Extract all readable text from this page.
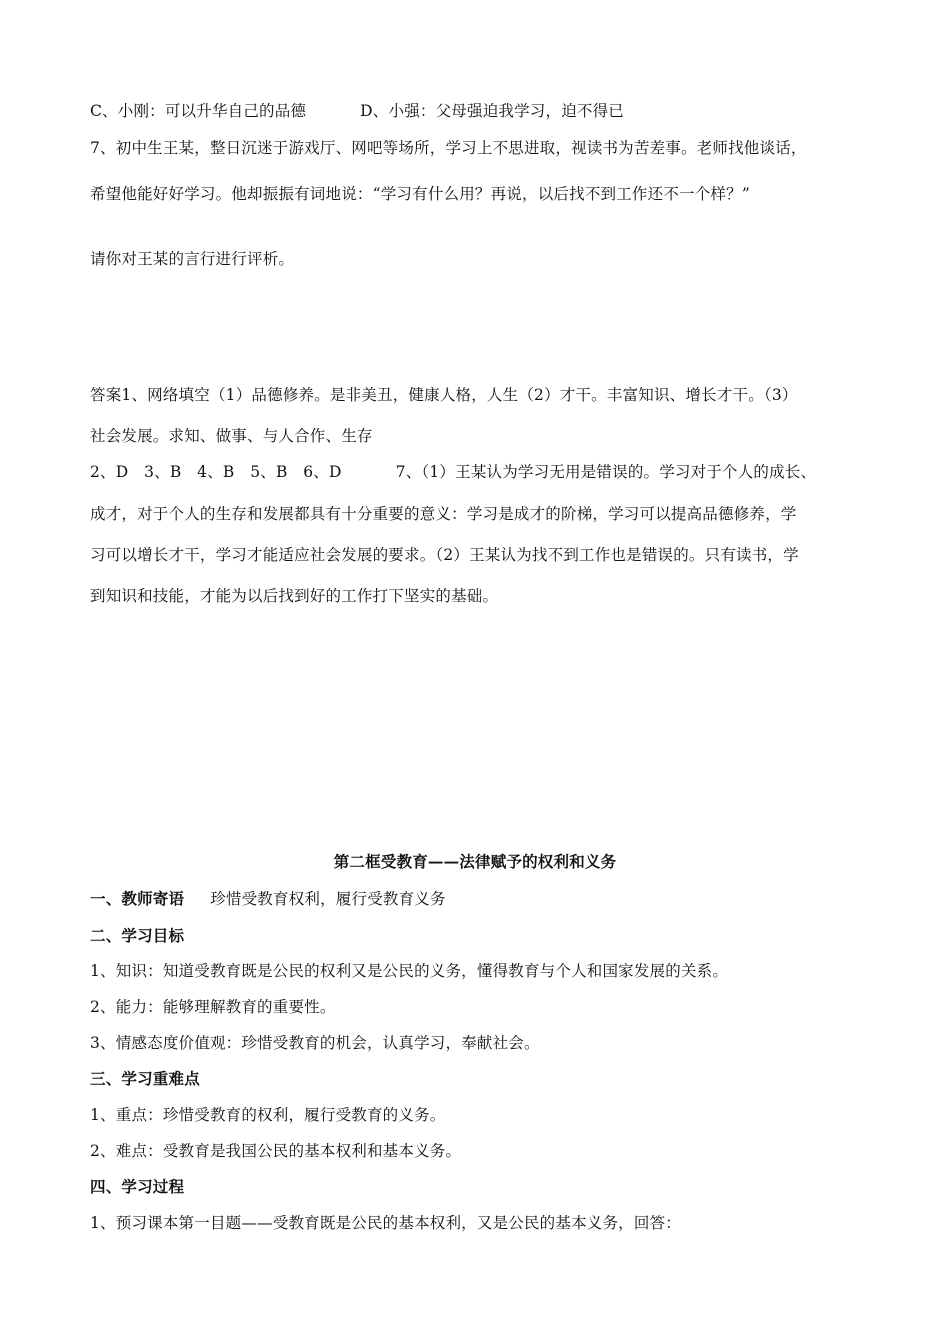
C、小刚：可以升华自己的品德	D、小强：父母强迫我学习，迫不得已
7、初中生王某，整日沉迷于游戏厅、网吧等场所，学习上不思进取，视读书为苦差事。老师找他谈话，
希望他能好好学习。他却振振有词地说：“学习有什么用？再说，以后找不到工作还不一个样？”
请你对王某的言行进行评析。
答案1、网络填空（1）品德修养。是非美丑，健康人格，人生（2）才干。丰富知识、增长才干。（3）
社会发展。求知、做事、与人合作、生存
2、D　3、B　4、B　5、B　6、D	7、（1）王某认为学习无用是错误的。学习对于个人的成长、
成才，对于个人的生存和发展都具有十分重要的意义：学习是成才的阶梯，学习可以提高品德修养，学
习可以增长才干，学习才能适应社会发展的要求。（2）王某认为找不到工作也是错误的。只有读书，学
到知识和技能，才能为以后找到好的工作打下坚实的基础。
第二框受教育——法律赋予的权利和义务
一、教师寄语 珍惜受教育权利，履行受教育义务
二、学习目标
1、知识：知道受教育既是公民的权利又是公民的义务，懂得教育与个人和国家发展的关系。
2、能力：能够理解教育的重要性。
3、情感态度价值观：珍惜受教育的机会，认真学习，奉献社会。
三、学习重难点
1、重点：珍惜受教育的权利，履行受教育的义务。
2、难点：受教育是我国公民的基本权利和基本义务。
四、学习过程
1、预习课本第一目题——受教育既是公民的基本权利，又是公民的基本义务，回答：
